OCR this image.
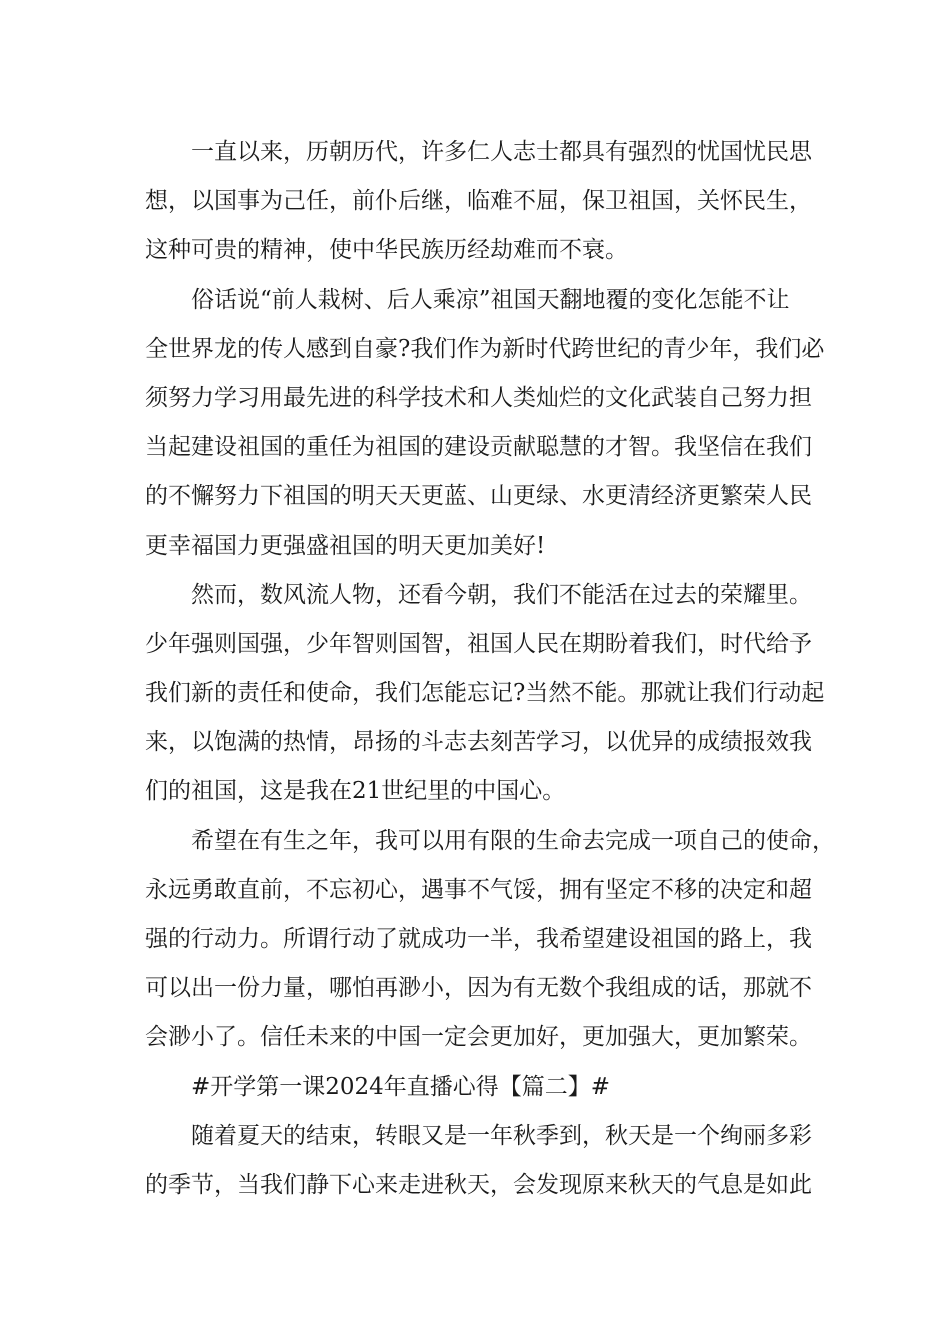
一直以来，历朝历代，许多仁人志士都具有强烈的忧国忧民思
想，以国事为己任，前仆后继，临难不屈，保卫祖国，关怀民生，
这种可贵的精神，使中华民族历经劫难而不衰。
俗话说“前人栽树、后人乘凉”祖国天翻地覆的变化怎能不让
全世界龙的传人感到自豪?我们作为新时代跨世纪的青少年，我们必
须努力学习用最先进的科学技术和人类灿烂的文化武装自己努力担
当起建设祖国的重任为祖国的建设贡献聪慧的才智。我坚信在我们
的不懈努力下祖国的明天天更蓝、山更绿、水更清经济更繁荣人民
更幸福国力更强盛祖国的明天更加美好!
然而，数风流人物，还看今朝，我们不能活在过去的荣耀里。
少年强则国强，少年智则国智，祖国人民在期盼着我们，时代给予
我们新的责任和使命，我们怎能忘记?当然不能。那就让我们行动起
来，以饱满的热情，昂扬的斗志去刻苦学习，以优异的成绩报效我
们的祖国，这是我在21世纪里的中国心。
希望在有生之年，我可以用有限的生命去完成一项自己的使命，
永远勇敢直前，不忘初心，遇事不气馁，拥有坚定不移的决定和超
强的行动力。所谓行动了就成功一半，我希望建设祖国的路上，我
可以出一份力量，哪怕再渺小，因为有无数个我组成的话，那就不
会渺小了。信任未来的中国一定会更加好，更加强大，更加繁荣。
#开学第一课2024年直播心得【篇二】#
随着夏天的结束，转眼又是一年秋季到，秋天是一个绚丽多彩
的季节，当我们静下心来走进秋天，会发现原来秋天的气息是如此
